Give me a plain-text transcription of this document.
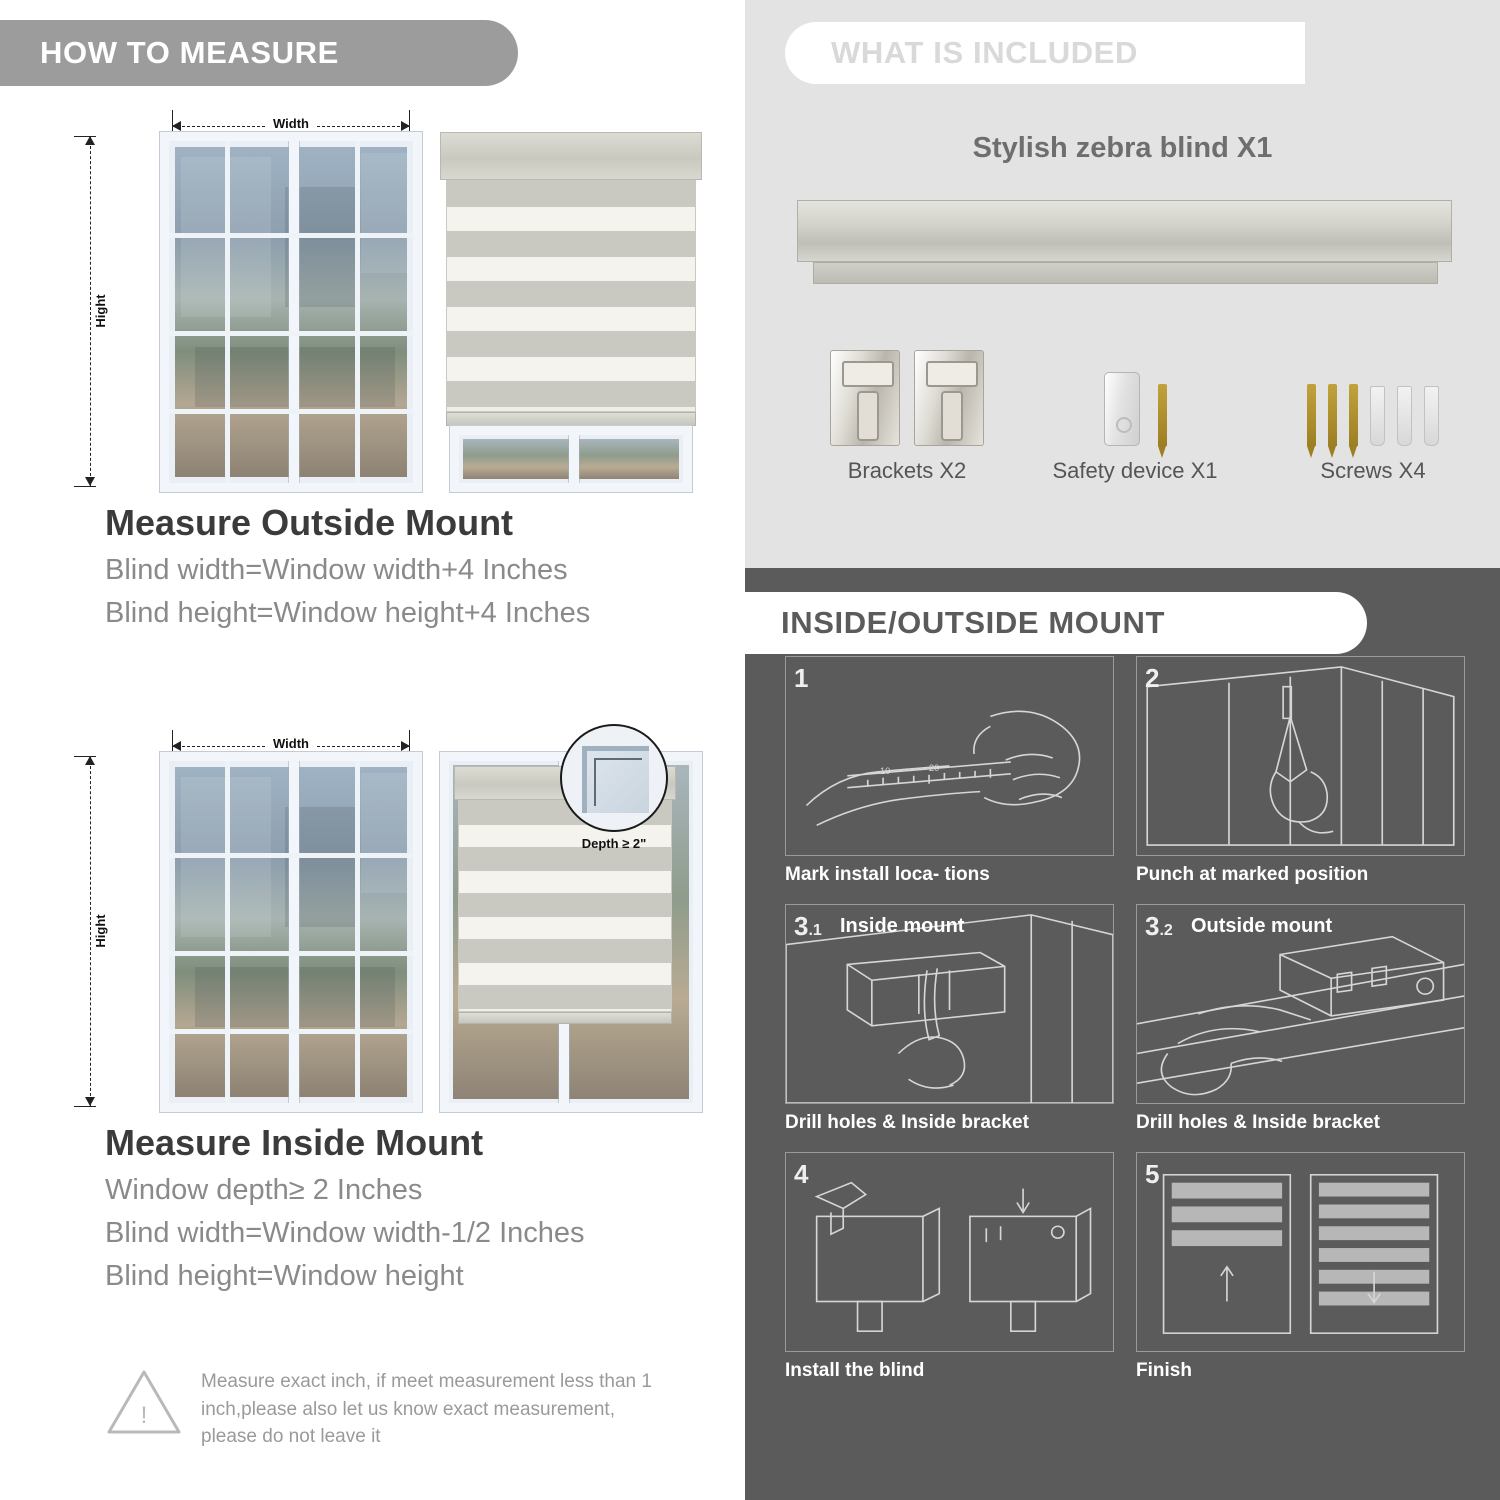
HOW TO MEASURE
Width
Hight
Measure Outside Mount
Blind width=Window width+4 Inches
Blind height=Window height+4 Inches
Width
Hight
Depth ≥ 2"
Measure Inside Mount
Window depth≥ 2 Inches
Blind width=Window width-1/2 Inches
Blind height=Window height
!
Measure exact inch, if meet measurement less than 1 inch,please also let us know exact measurement, please do not leave it
WHAT IS INCLUDED
Stylish zebra blind X1
Brackets X2	Safety device X1	Screws X4
INSIDE/OUTSIDE MOUNT
1
10	20
Mark install loca- tions
2
Punch at marked position
3.1 Inside mount
Drill holes & Inside bracket
3.2 Outside mount
Drill holes & Inside bracket
4
Install the blind
5
Finish
